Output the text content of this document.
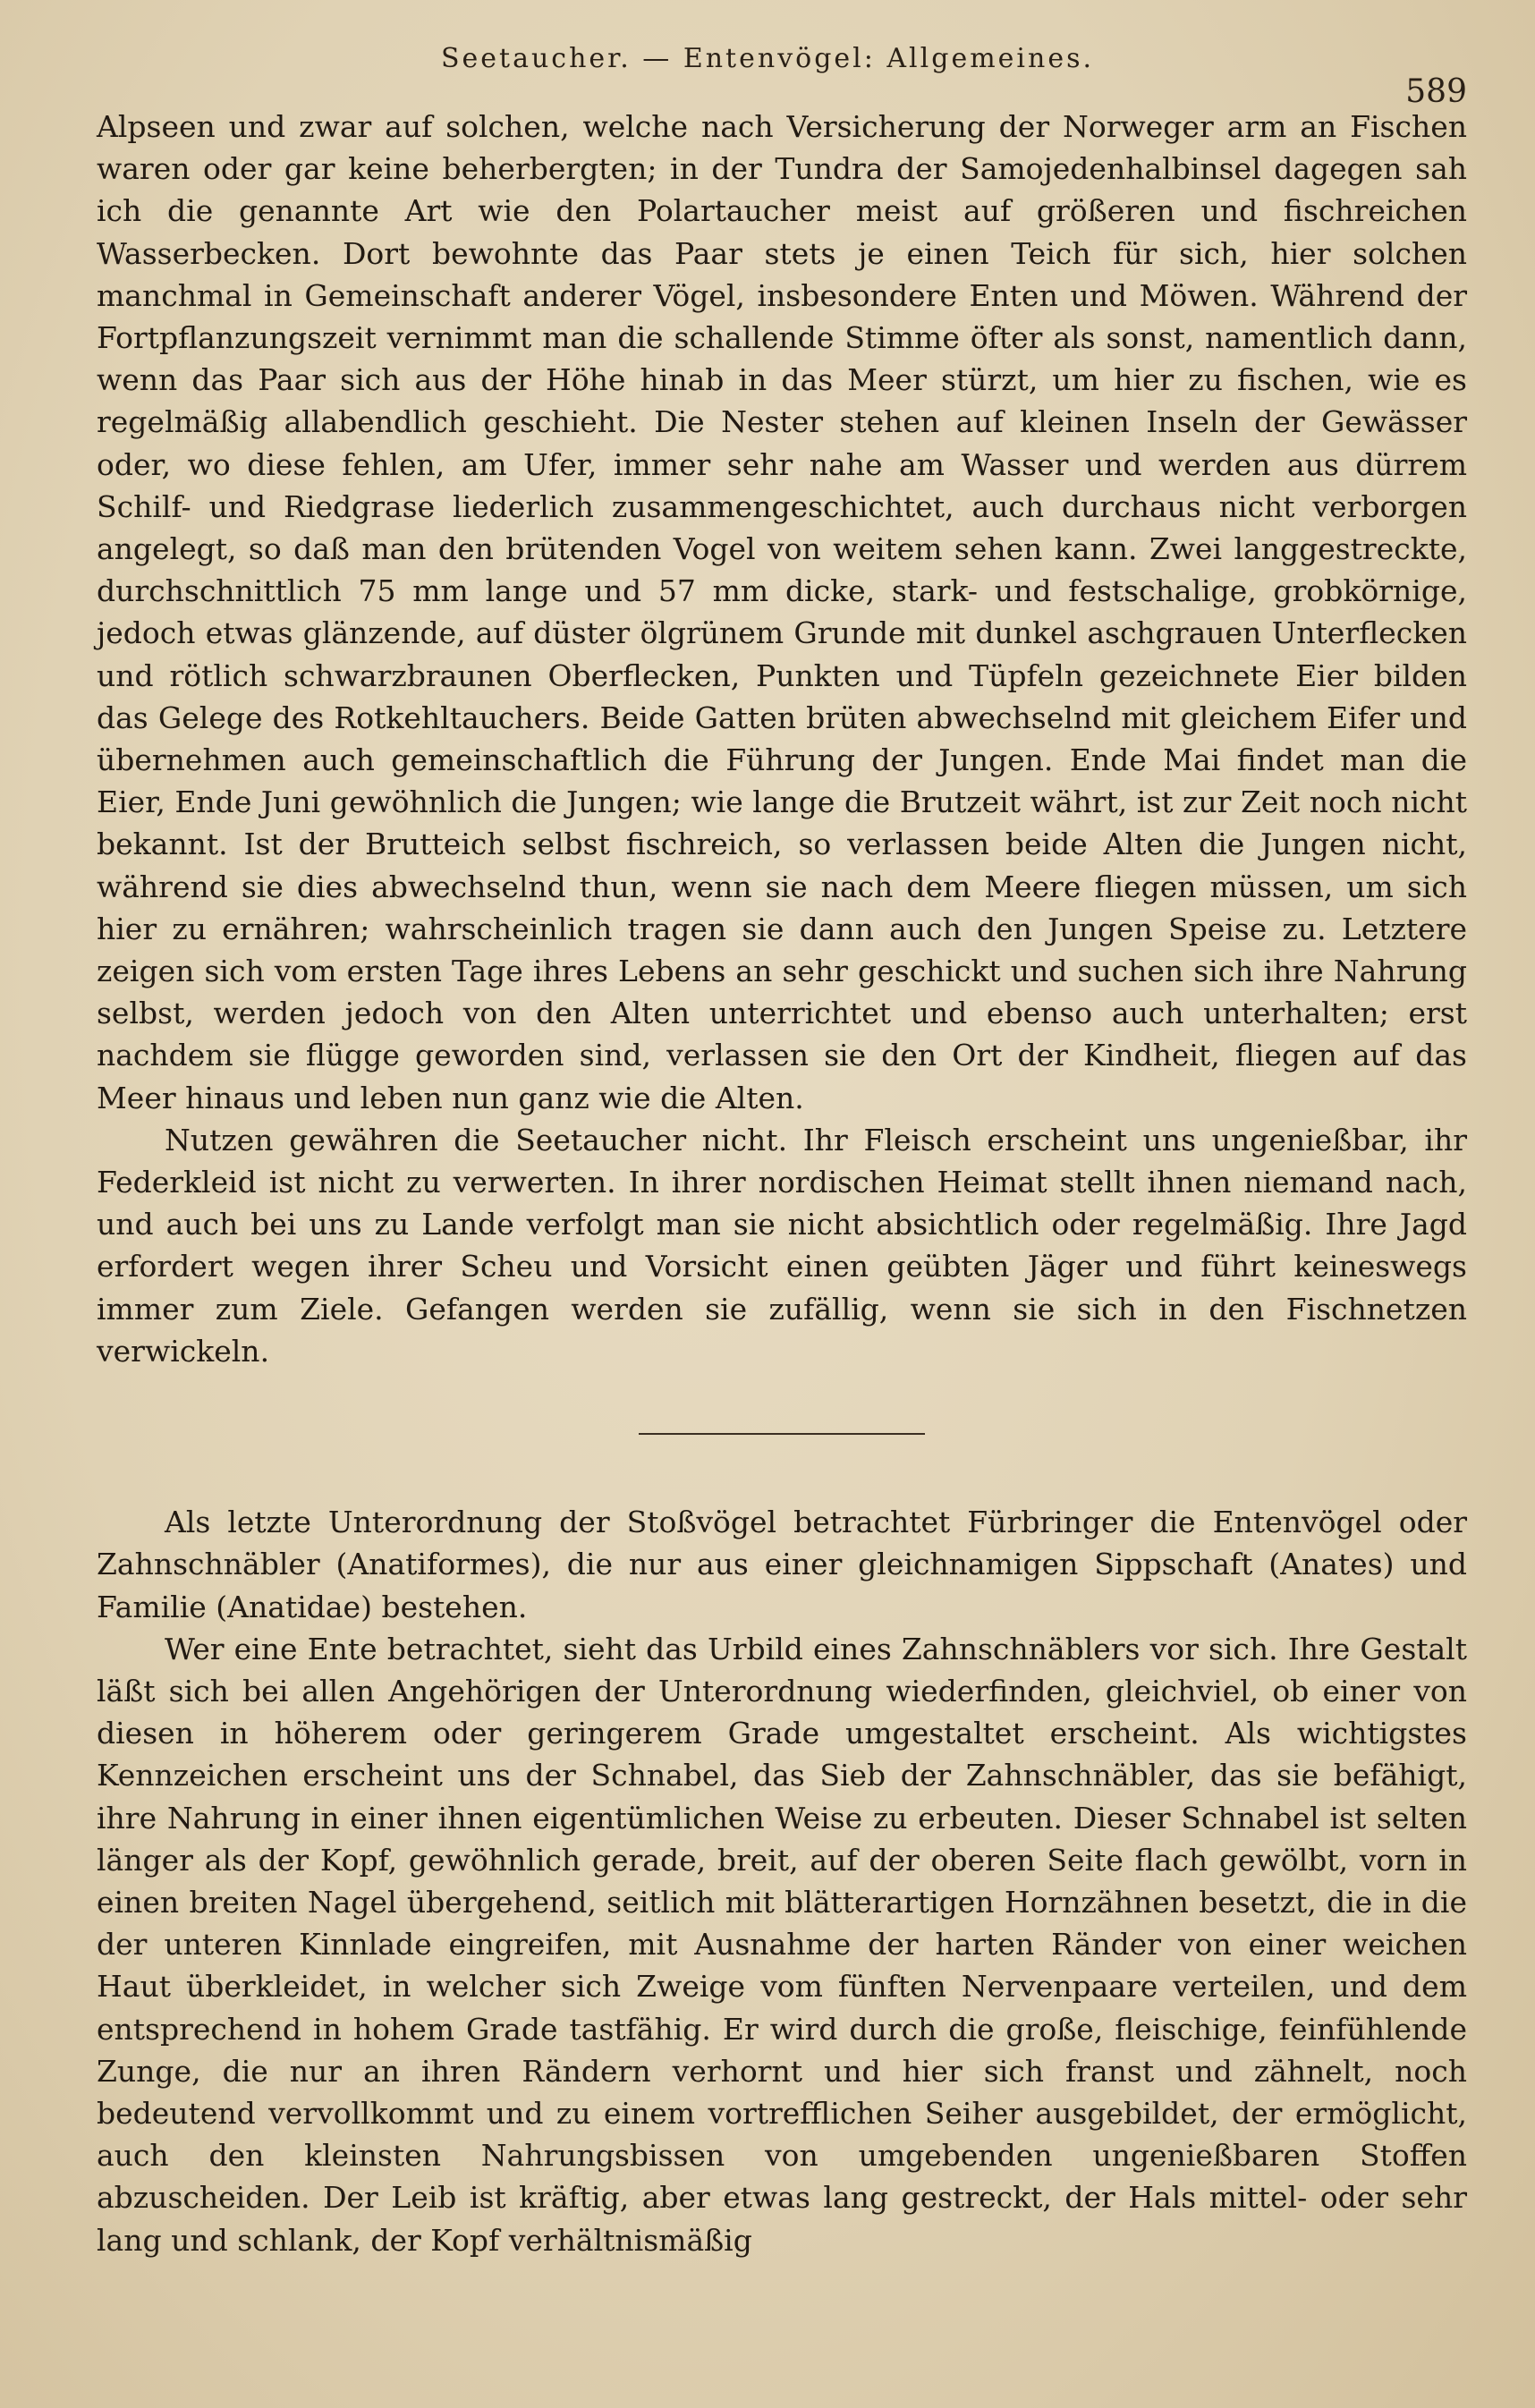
Seetaucher. — Entenvögel: Allgemeines.
589

Alpseen und zwar auf solchen, welche nach Versicherung der Norweger arm an Fischen waren oder gar keine beherbergten; in der Tundra der Samojedenhalbinsel dagegen sah ich die genannte Art wie den Polartaucher meist auf größeren und fischreichen Wasserbecken. Dort bewohnte das Paar stets je einen Teich für sich, hier solchen manchmal in Gemeinschaft anderer Vögel, insbesondere Enten und Möwen. Während der Fortpflanzungszeit vernimmt man die schallende Stimme öfter als sonst, namentlich dann, wenn das Paar sich aus der Höhe hinab in das Meer stürzt, um hier zu fischen, wie es regelmäßig allabendlich geschieht. Die Nester stehen auf kleinen Inseln der Gewässer oder, wo diese fehlen, am Ufer, immer sehr nahe am Wasser und werden aus dürrem Schilf- und Riedgrase liederlich zusammengeschichtet, auch durchaus nicht verborgen angelegt, so daß man den brütenden Vogel von weitem sehen kann. Zwei langgestreckte, durchschnittlich 75 mm lange und 57 mm dicke, stark- und festschalige, grobkörnige, jedoch etwas glänzende, auf düster ölgrünem Grunde mit dunkel aschgrauen Unterflecken und rötlich schwarzbraunen Oberflecken, Punkten und Tüpfeln gezeichnete Eier bilden das Gelege des Rotkehltauchers. Beide Gatten brüten abwechselnd mit gleichem Eifer und übernehmen auch gemeinschaftlich die Führung der Jungen. Ende Mai findet man die Eier, Ende Juni gewöhnlich die Jungen; wie lange die Brutzeit währt, ist zur Zeit noch nicht bekannt. Ist der Brutteich selbst fischreich, so verlassen beide Alten die Jungen nicht, während sie dies abwechselnd thun, wenn sie nach dem Meere fliegen müssen, um sich hier zu ernähren; wahrscheinlich tragen sie dann auch den Jungen Speise zu. Letztere zeigen sich vom ersten Tage ihres Lebens an sehr geschickt und suchen sich ihre Nahrung selbst, werden jedoch von den Alten unterrichtet und ebenso auch unterhalten; erst nachdem sie flügge geworden sind, verlassen sie den Ort der Kindheit, fliegen auf das Meer hinaus und leben nun ganz wie die Alten.

Nutzen gewähren die Seetaucher nicht. Ihr Fleisch erscheint uns ungenießbar, ihr Federkleid ist nicht zu verwerten. In ihrer nordischen Heimat stellt ihnen niemand nach, und auch bei uns zu Lande verfolgt man sie nicht absichtlich oder regelmäßig. Ihre Jagd erfordert wegen ihrer Scheu und Vorsicht einen geübten Jäger und führt keineswegs immer zum Ziele. Gefangen werden sie zufällig, wenn sie sich in den Fischnetzen verwickeln.

Als letzte Unterordnung der Stoßvögel betrachtet Fürbringer die Entenvögel oder Zahnschnäbler (Anatiformes), die nur aus einer gleichnamigen Sippschaft (Anates) und Familie (Anatidae) bestehen.

Wer eine Ente betrachtet, sieht das Urbild eines Zahnschnäblers vor sich. Ihre Gestalt läßt sich bei allen Angehörigen der Unterordnung wiederfinden, gleichviel, ob einer von diesen in höherem oder geringerem Grade umgestaltet erscheint. Als wichtigstes Kennzeichen erscheint uns der Schnabel, das Sieb der Zahnschnäbler, das sie befähigt, ihre Nahrung in einer ihnen eigentümlichen Weise zu erbeuten. Dieser Schnabel ist selten länger als der Kopf, gewöhnlich gerade, breit, auf der oberen Seite flach gewölbt, vorn in einen breiten Nagel übergehend, seitlich mit blätterartigen Hornzähnen besetzt, die in die der unteren Kinnlade eingreifen, mit Ausnahme der harten Ränder von einer weichen Haut überkleidet, in welcher sich Zweige vom fünften Nervenpaare verteilen, und dem entsprechend in hohem Grade tastfähig. Er wird durch die große, fleischige, feinfühlende Zunge, die nur an ihren Rändern verhornt und hier sich franst und zähnelt, noch bedeutend vervollkommt und zu einem vortrefflichen Seiher ausgebildet, der ermöglicht, auch den kleinsten Nahrungsbissen von umgebenden ungenießbaren Stoffen abzuscheiden. Der Leib ist kräftig, aber etwas lang gestreckt, der Hals mittel- oder sehr lang und schlank, der Kopf verhältnismäßig
